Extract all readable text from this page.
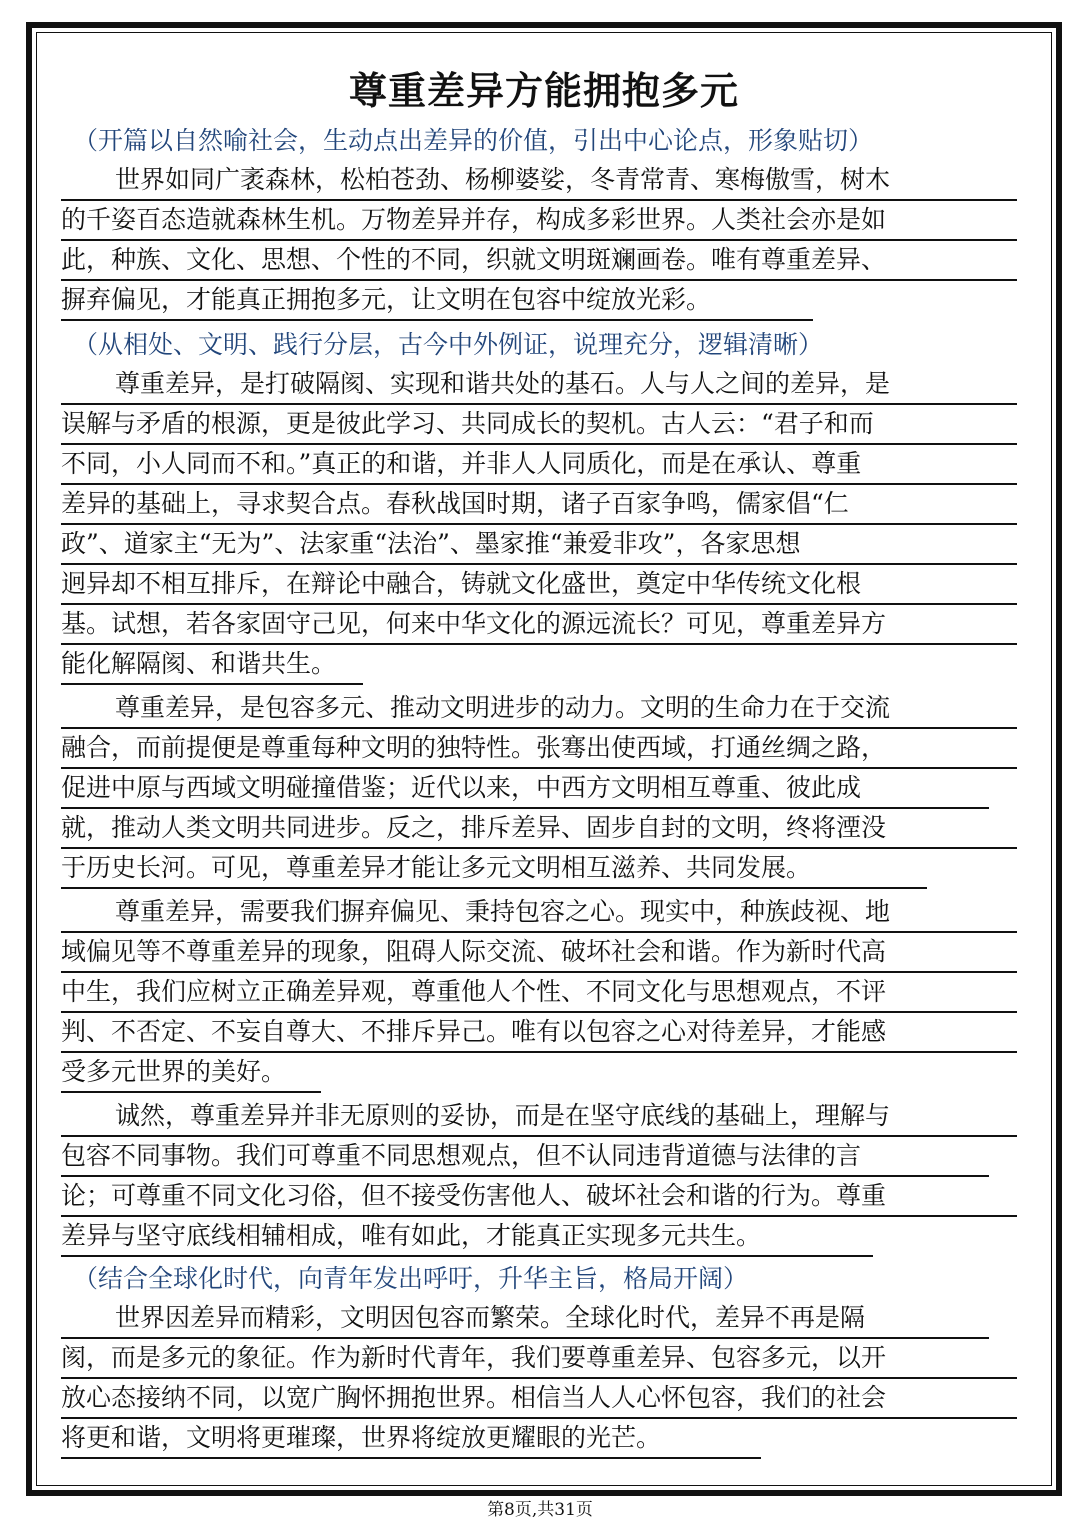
尊重差异方能拥抱多元

（开篇以自然喻社会，生动点出差异的价值，引出中心论点，形象贴切）

世界如同广袤森林，松柏苍劲、杨柳婆娑，冬青常青、寒梅傲雪，树木

的千姿百态造就森林生机。万物差异并存，构成多彩世界。人类社会亦是如

此，种族、文化、思想、个性的不同，织就文明斑斓画卷。唯有尊重差异、

摒弃偏见，才能真正拥抱多元，让文明在包容中绽放光彩。

（从相处、文明、践行分层，古今中外例证，说理充分，逻辑清晰）

尊重差异，是打破隔阂、实现和谐共处的基石。人与人之间的差异，是

误解与矛盾的根源，更是彼此学习、共同成长的契机。古人云：“君子和而

不同，小人同而不和。”真正的和谐，并非人人同质化，而是在承认、尊重

差异的基础上，寻求契合点。春秋战国时期，诸子百家争鸣，儒家倡“仁

政”、道家主“无为”、法家重“法治”、墨家推“兼爱非攻”，各家思想

迥异却不相互排斥，在辩论中融合，铸就文化盛世，奠定中华传统文化根

基。试想，若各家固守己见，何来中华文化的源远流长？可见，尊重差异方

能化解隔阂、和谐共生。

尊重差异，是包容多元、推动文明进步的动力。文明的生命力在于交流

融合，而前提便是尊重每种文明的独特性。张骞出使西域，打通丝绸之路，

促进中原与西域文明碰撞借鉴；近代以来，中西方文明相互尊重、彼此成

就，推动人类文明共同进步。反之，排斥差异、固步自封的文明，终将湮没

于历史长河。可见，尊重差异才能让多元文明相互滋养、共同发展。

尊重差异，需要我们摒弃偏见、秉持包容之心。现实中，种族歧视、地

域偏见等不尊重差异的现象，阻碍人际交流、破坏社会和谐。作为新时代高

中生，我们应树立正确差异观，尊重他人个性、不同文化与思想观点，不评

判、不否定、不妄自尊大、不排斥异己。唯有以包容之心对待差异，才能感

受多元世界的美好。

诚然，尊重差异并非无原则的妥协，而是在坚守底线的基础上，理解与

包容不同事物。我们可尊重不同思想观点，但不认同违背道德与法律的言

论；可尊重不同文化习俗，但不接受伤害他人、破坏社会和谐的行为。尊重

差异与坚守底线相辅相成，唯有如此，才能真正实现多元共生。

（结合全球化时代，向青年发出呼吁，升华主旨，格局开阔）

世界因差异而精彩，文明因包容而繁荣。全球化时代，差异不再是隔

阂，而是多元的象征。作为新时代青年，我们要尊重差异、包容多元，以开

放心态接纳不同，以宽广胸怀拥抱世界。相信当人人心怀包容，我们的社会

将更和谐，文明将更璀璨，世界将绽放更耀眼的光芒。

第8页,共31页
